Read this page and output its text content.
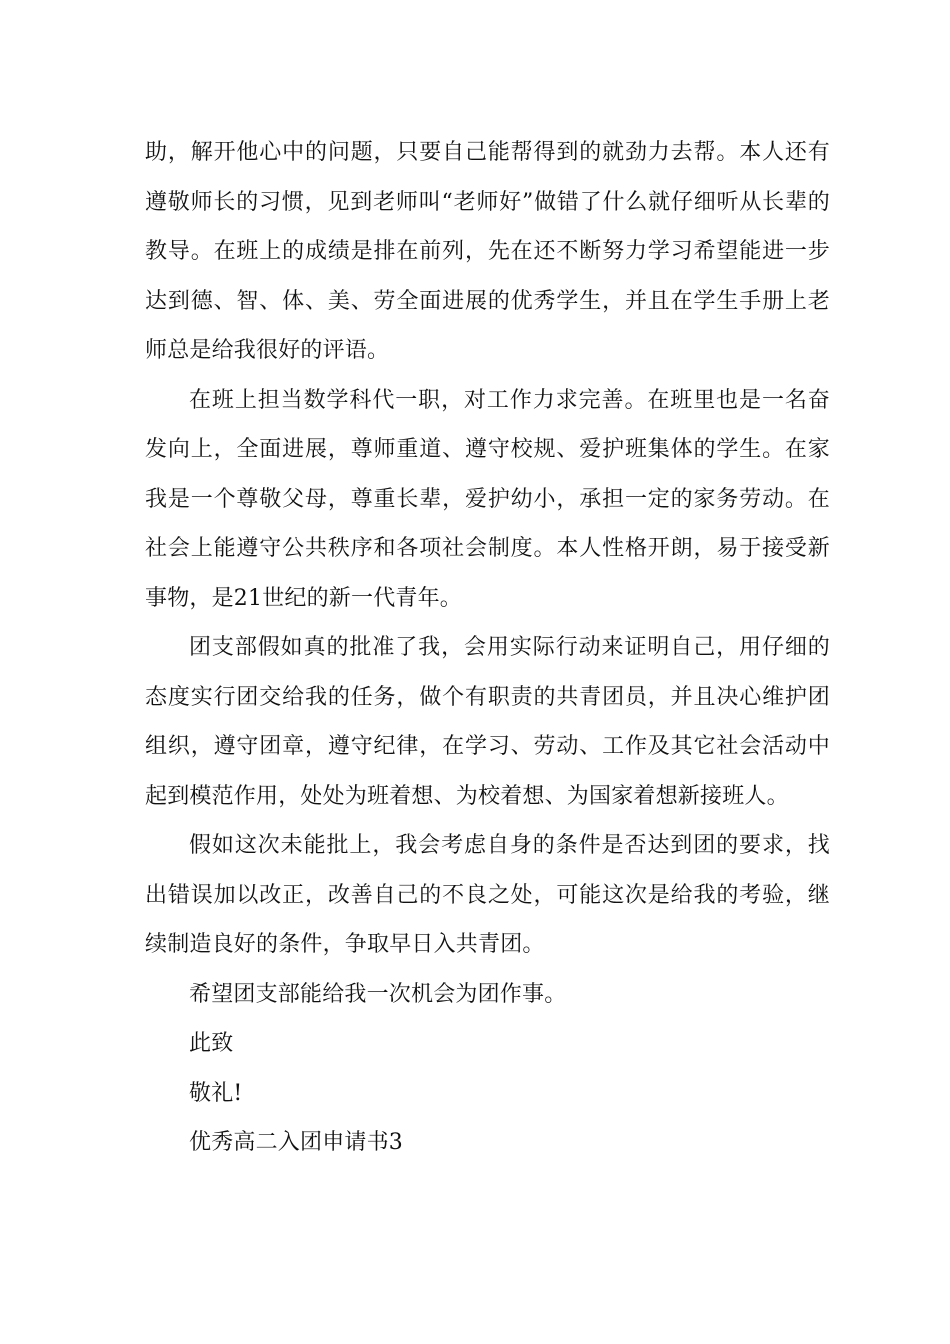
助，解开他心中的问题，只要自己能帮得到的就劲力去帮。本人还有遵敬师长的习惯，见到老师叫“老师好”做错了什么就仔细听从长辈的教导。在班上的成绩是排在前列，先在还不断努力学习希望能进一步达到德、智、体、美、劳全面进展的优秀学生，并且在学生手册上老师总是给我很好的评语。

在班上担当数学科代一职，对工作力求完善。在班里也是一名奋发向上，全面进展，尊师重道、遵守校规、爱护班集体的学生。在家我是一个尊敬父母，尊重长辈，爱护幼小，承担一定的家务劳动。在社会上能遵守公共秩序和各项社会制度。本人性格开朗，易于接受新事物，是21世纪的新一代青年。

团支部假如真的批准了我，会用实际行动来证明自己，用仔细的态度实行团交给我的任务，做个有职责的共青团员，并且决心维护团组织，遵守团章，遵守纪律，在学习、劳动、工作及其它社会活动中起到模范作用，处处为班着想、为校着想、为国家着想新接班人。

假如这次未能批上，我会考虑自身的条件是否达到团的要求，找出错误加以改正，改善自己的不良之处，可能这次是给我的考验，继续制造良好的条件，争取早日入共青团。

希望团支部能给我一次机会为团作事。

此致

敬礼!

优秀高二入团申请书3
